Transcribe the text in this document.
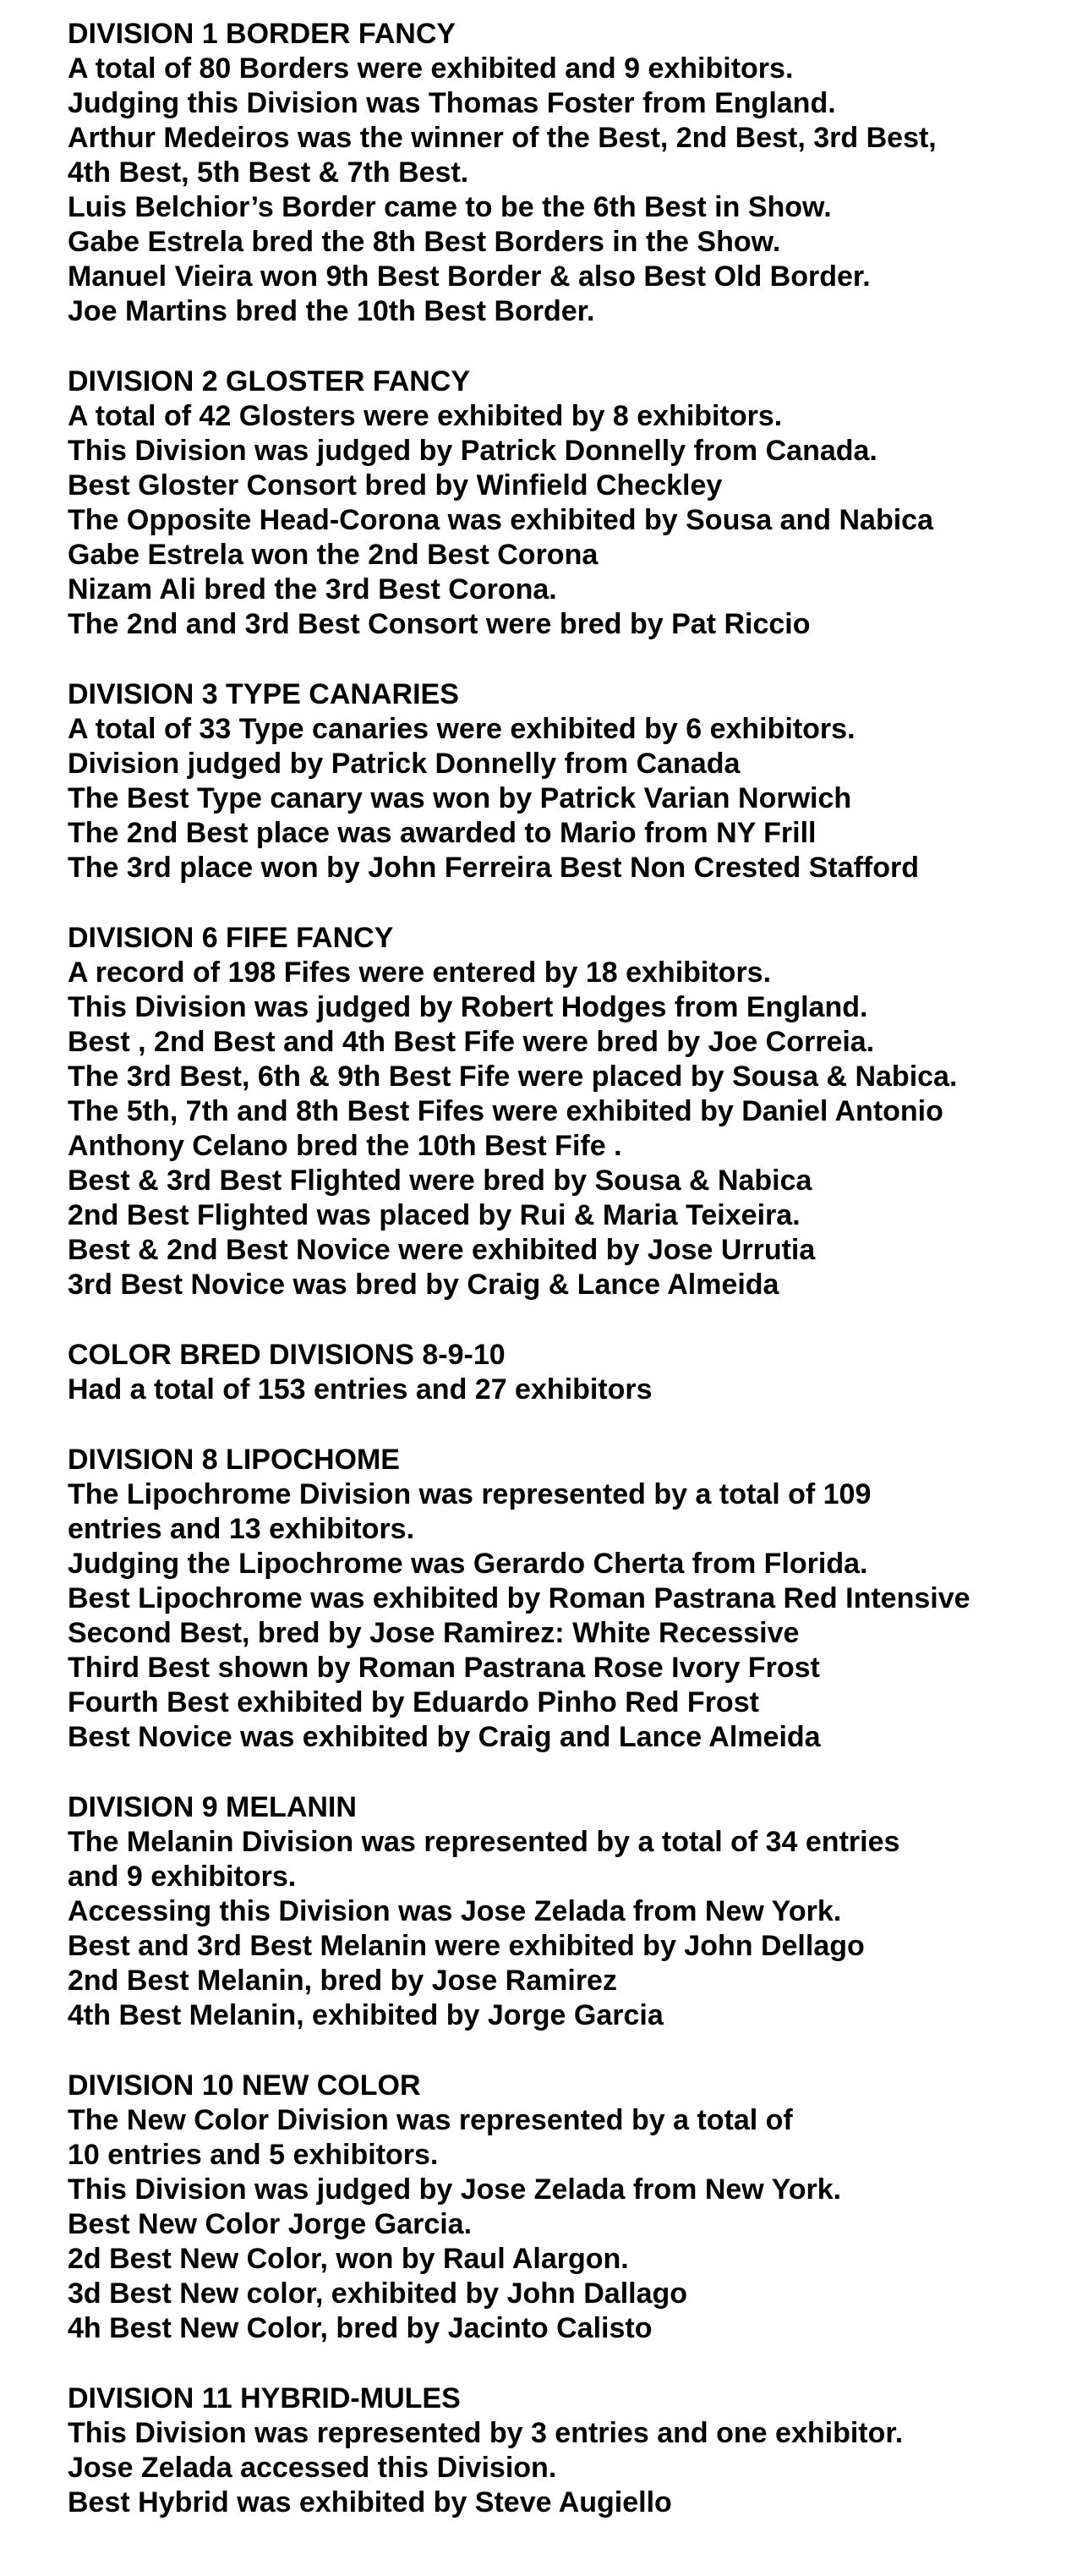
DIVISION 1 BORDER FANCY

A total of 80 Borders were exhibited and 9 exhibitors.

Judging this Division was Thomas Foster from England.

Arthur Medeiros was the winner of the Best, 2nd Best, 3rd Best,

4th Best, 5th Best & 7th Best.

Luis Belchior’s Border came to be the 6th Best in Show.

Gabe Estrela bred the 8th Best Borders in the Show.

Manuel Vieira won 9th Best Border & also Best Old Border.

Joe Martins bred the 10th Best Border.

DIVISION 2 GLOSTER FANCY

A total of 42 Glosters were exhibited by 8 exhibitors.

This Division was judged by Patrick Donnelly from Canada.

Best Gloster Consort bred by Winfield Checkley

The Opposite Head-Corona was exhibited by Sousa and Nabica

Gabe Estrela won the 2nd Best Corona

Nizam Ali bred the 3rd Best Corona.

The 2nd and 3rd Best Consort were bred by Pat Riccio

DIVISION 3 TYPE CANARIES

A total of 33 Type canaries were exhibited by 6 exhibitors.

Division judged by Patrick Donnelly from Canada

The Best Type canary was won by Patrick Varian Norwich

The 2nd Best place was awarded to Mario from NY Frill

The 3rd place won by John Ferreira Best Non Crested Stafford

DIVISION 6 FIFE FANCY

A record of 198 Fifes were entered by 18 exhibitors.

This Division was judged by Robert Hodges from England.

Best , 2nd Best and 4th Best Fife were bred by Joe Correia.

The 3rd Best, 6th & 9th Best Fife were placed by Sousa & Nabica.

The 5th, 7th and 8th Best Fifes were exhibited by Daniel Antonio

Anthony Celano bred the 10th Best Fife .

Best & 3rd Best Flighted were bred by Sousa & Nabica

2nd Best Flighted was placed by Rui & Maria Teixeira.

Best & 2nd Best Novice were exhibited by Jose Urrutia

3rd Best Novice was bred by Craig & Lance Almeida

COLOR BRED DIVISIONS 8-9-10

Had a total of 153 entries and 27 exhibitors

DIVISION 8 LIPOCHOME

The Lipochrome Division was represented by a total of 109

entries and 13 exhibitors.

Judging the Lipochrome was Gerardo Cherta from Florida.

Best Lipochrome was exhibited by Roman Pastrana Red Intensive

Second Best, bred by Jose Ramirez: White Recessive

Third Best shown by Roman Pastrana Rose Ivory Frost

Fourth Best exhibited by Eduardo Pinho Red Frost

Best Novice was exhibited by Craig and Lance Almeida

DIVISION 9 MELANIN

The Melanin Division was represented by a total of 34 entries

and 9 exhibitors.

Accessing this Division was Jose Zelada from New York.

Best and 3rd Best Melanin were exhibited by John Dellago

2nd Best Melanin, bred by Jose Ramirez

4th Best Melanin, exhibited by Jorge Garcia

DIVISION 10 NEW COLOR

The New Color Division was represented by a total of

10 entries and 5 exhibitors.

This Division was judged by Jose Zelada from New York.

Best New Color Jorge Garcia.

2d Best New Color, won by Raul Alargon.

3d Best New color, exhibited by John Dallago

4h Best New Color, bred by Jacinto Calisto

DIVISION 11 HYBRID-MULES

This Division was represented by 3 entries and one exhibitor.

Jose Zelada accessed this Division.

Best Hybrid was exhibited by Steve Augiello
